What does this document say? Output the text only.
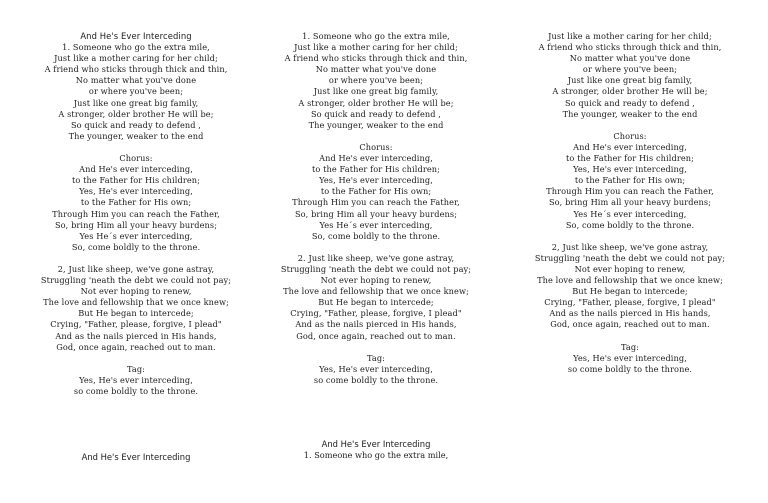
And He's Ever Interceding
1. Someone who go the extra mile,
Just like a mother caring for her child;
A friend who sticks through thick and thin,
No matter what you've done
or where you've been;
Just like one great big family,
A stronger, older brother He will be;
So quick and ready to defend ,
The younger, weaker to the end
Chorus:
And He's ever interceding,
to the Father for His children;
Yes, He's ever interceding,
to the Father for His own;
Through Him you can reach the Father,
So, bring Him all your heavy burdens;
Yes He´s ever interceding,
So, come boldly to the throne.
2, Just like sheep, we've gone astray,
Struggling 'neath the debt we could not pay;
Not ever hoping to renew,
The love and fellowship that we once knew;
But He began to intercede;
Crying, "Father, please, forgive, I plead"
And as the nails pierced in His hands,
God, once again, reached out to man.
Tag:
Yes, He's ever interceding,
so come boldly to the throne.
1. Someone who go the extra mile,
Just like a mother caring for her child;
A friend who sticks through thick and thin,
No matter what you've done
or where you've been;
Just like one great big family,
A stronger, older brother He will be;
So quick and ready to defend ,
The younger, weaker to the end
Chorus:
And He's ever interceding,
to the Father for His children;
Yes, He's ever interceding,
to the Father for His own;
Through Him you can reach the Father,
So, bring Him all your heavy burdens;
Yes He´s ever interceding,
So, come boldly to the throne.
2. Just like sheep, we've gone astray,
Struggling 'neath the debt we could not pay;
Not ever hoping to renew,
The love and fellowship that we once knew;
But He began to intercede;
Crying, "Father, please, forgive, I plead"
And as the nails pierced in His hands,
God, once again, reached out to man.
Tag:
Yes, He's ever interceding,
so come boldly to the throne.
Just like a mother caring for her child;
A friend who sticks through thick and thin,
No matter what you've done
or where you've been;
Just like one great big family,
A stronger, older brother He will be;
So quick and ready to defend ,
The younger, weaker to the end
Chorus:
And He's ever interceding,
to the Father for His children;
Yes, He's ever interceding,
to the Father for His own;
Through Him you can reach the Father,
So, bring Him all your heavy burdens;
Yes He´s ever interceding,
So, come boldly to the throne.
2, Just like sheep, we've gone astray,
Struggling 'neath the debt we could not pay;
Not ever hoping to renew,
The love and fellowship that we once knew;
But He began to intercede;
Crying, "Father, please, forgive, I plead"
And as the nails pierced in His hands,
God, once again, reached out to man.
Tag:
Yes, He's ever interceding,
so come boldly to the throne.
And He's Ever Interceding
And He's Ever Interceding
1. Someone who go the extra mile,
